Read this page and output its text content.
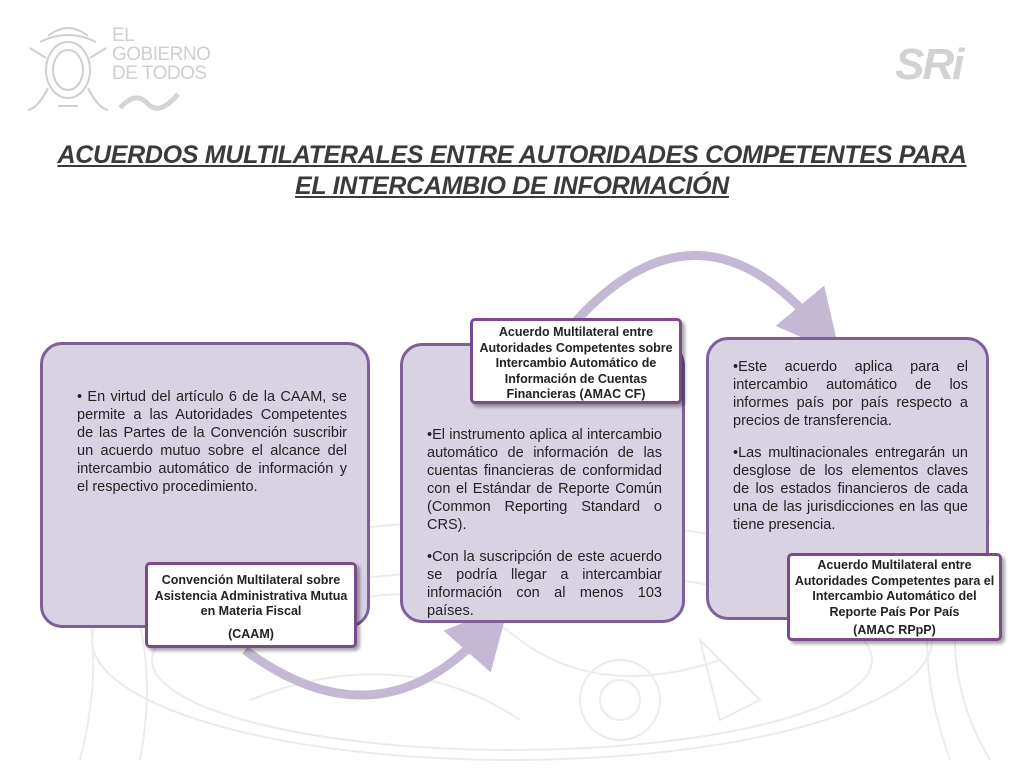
EL
GOBIERNO
DE TODOS	SRi
ACUERDOS MULTILATERALES ENTRE AUTORIDADES COMPETENTES PARA
EL INTERCAMBIO DE INFORMACIÓN

• En virtud del artículo 6 de la CAAM, se permite a las Autoridades Competentes de las Partes de la Convención suscribir un acuerdo mutuo sobre el alcance del intercambio automático de información y el respectivo procedimiento.

Convención Multilateral sobre Asistencia Administrativa Mutua en Materia Fiscal
(CAAM)

•El instrumento aplica al intercambio automático de información de las cuentas financieras de conformidad con el Estándar de Reporte Común (Common Reporting Standard o CRS).

•Con la suscripción de este acuerdo se podría llegar a intercambiar información con al menos 103 países.

Acuerdo Multilateral entre Autoridades Competentes sobre Intercambio Automático de Información de Cuentas Financieras (AMAC CF)

•Este acuerdo aplica para el intercambio automático de los informes país por país respecto a precios de transferencia.

•Las multinacionales entregarán un desglose de los elementos claves de los estados financieros de cada una de las jurisdicciones en las que tiene presencia.

Acuerdo Multilateral entre Autoridades Competentes para el Intercambio Automático del Reporte País Por País
(AMAC RPpP)
